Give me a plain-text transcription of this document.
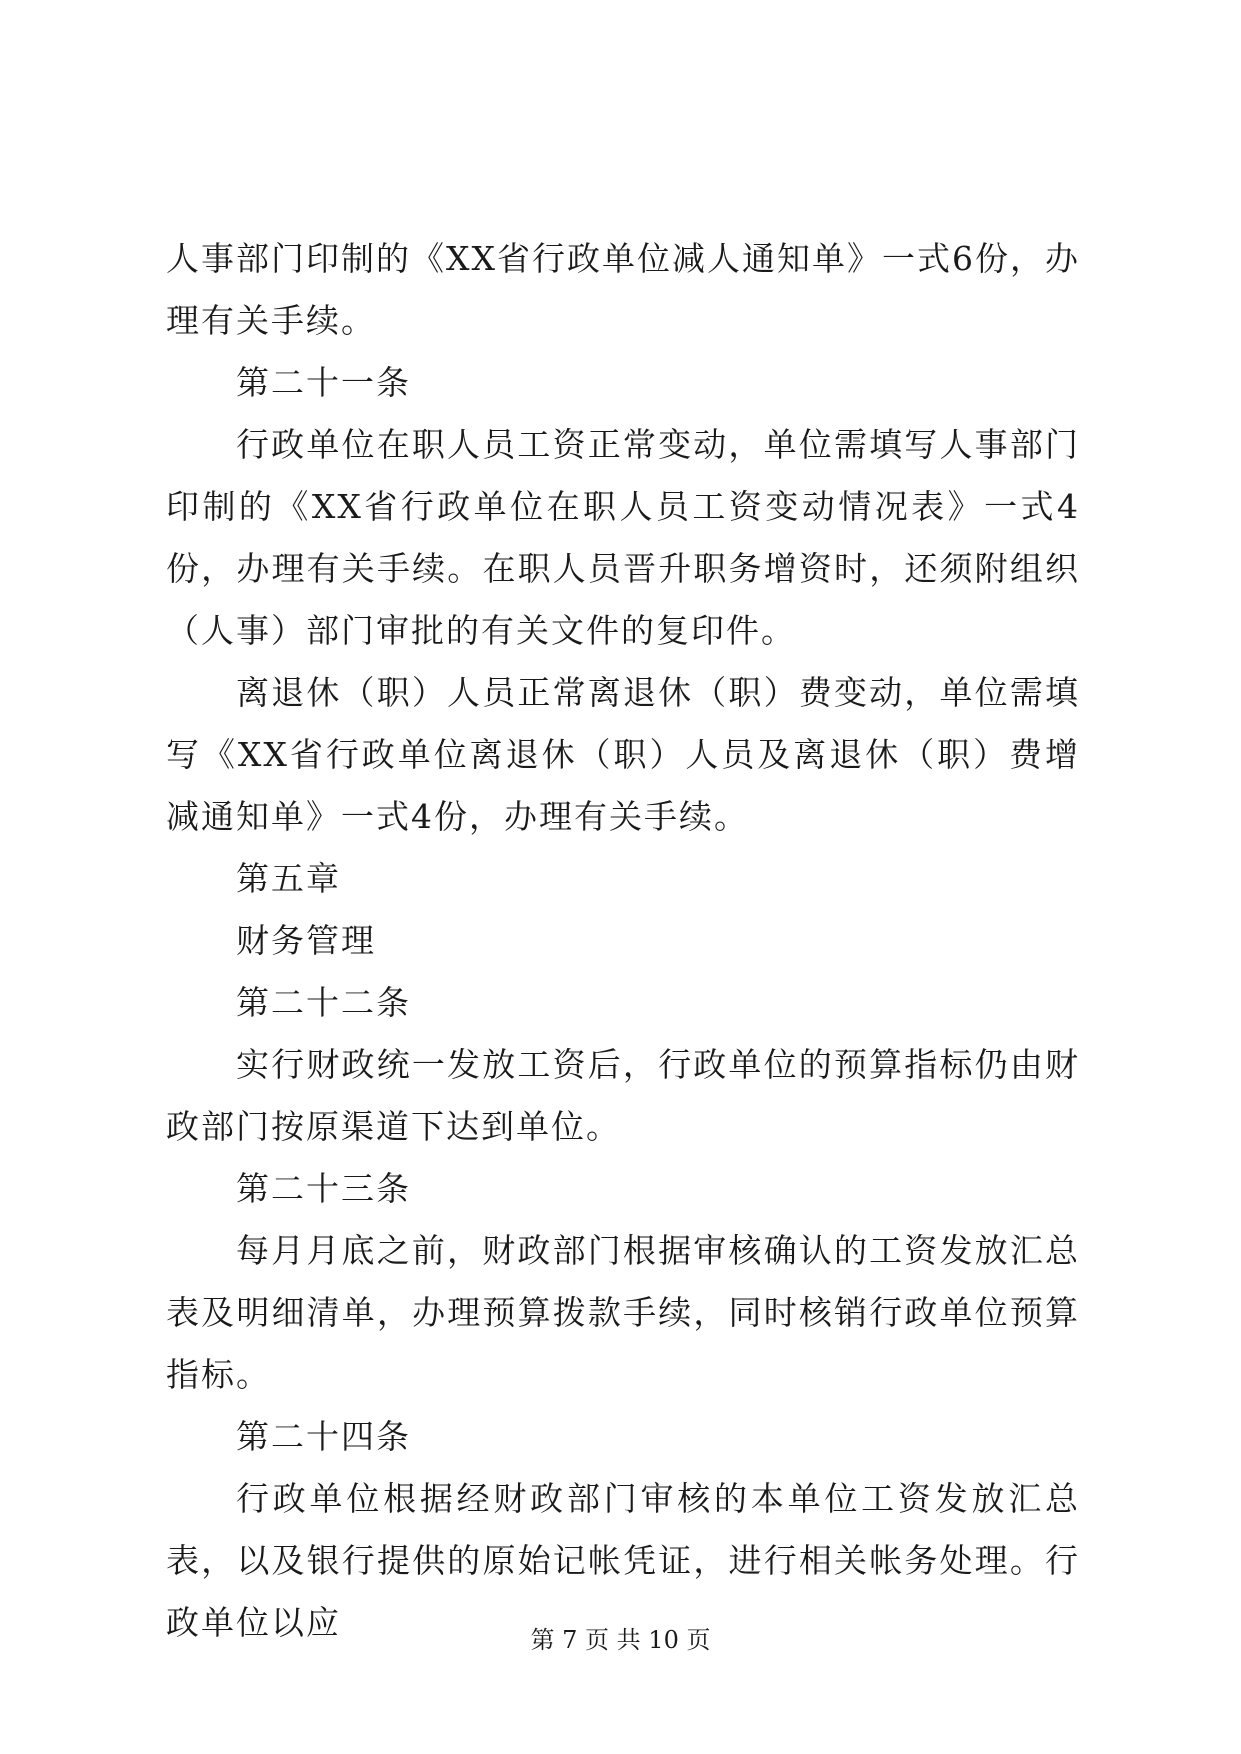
人事部门印制的《XX省行政单位减人通知单》一式6份，办理有关手续。

第二十一条

行政单位在职人员工资正常变动，单位需填写人事部门印制的《XX省行政单位在职人员工资变动情况表》一式4份，办理有关手续。在职人员晋升职务增资时，还须附组织（人事）部门审批的有关文件的复印件。

离退休（职）人员正常离退休（职）费变动，单位需填写《XX省行政单位离退休（职）人员及离退休（职）费增减通知单》一式4份，办理有关手续。

第五章

财务管理

第二十二条

实行财政统一发放工资后，行政单位的预算指标仍由财政部门按原渠道下达到单位。

第二十三条

每月月底之前，财政部门根据审核确认的工资发放汇总表及明细清单，办理预算拨款手续，同时核销行政单位预算指标。

第二十四条

行政单位根据经财政部门审核的本单位工资发放汇总表，以及银行提供的原始记帐凭证，进行相关帐务处理。行政单位以应	第 7 页 共 10 页
